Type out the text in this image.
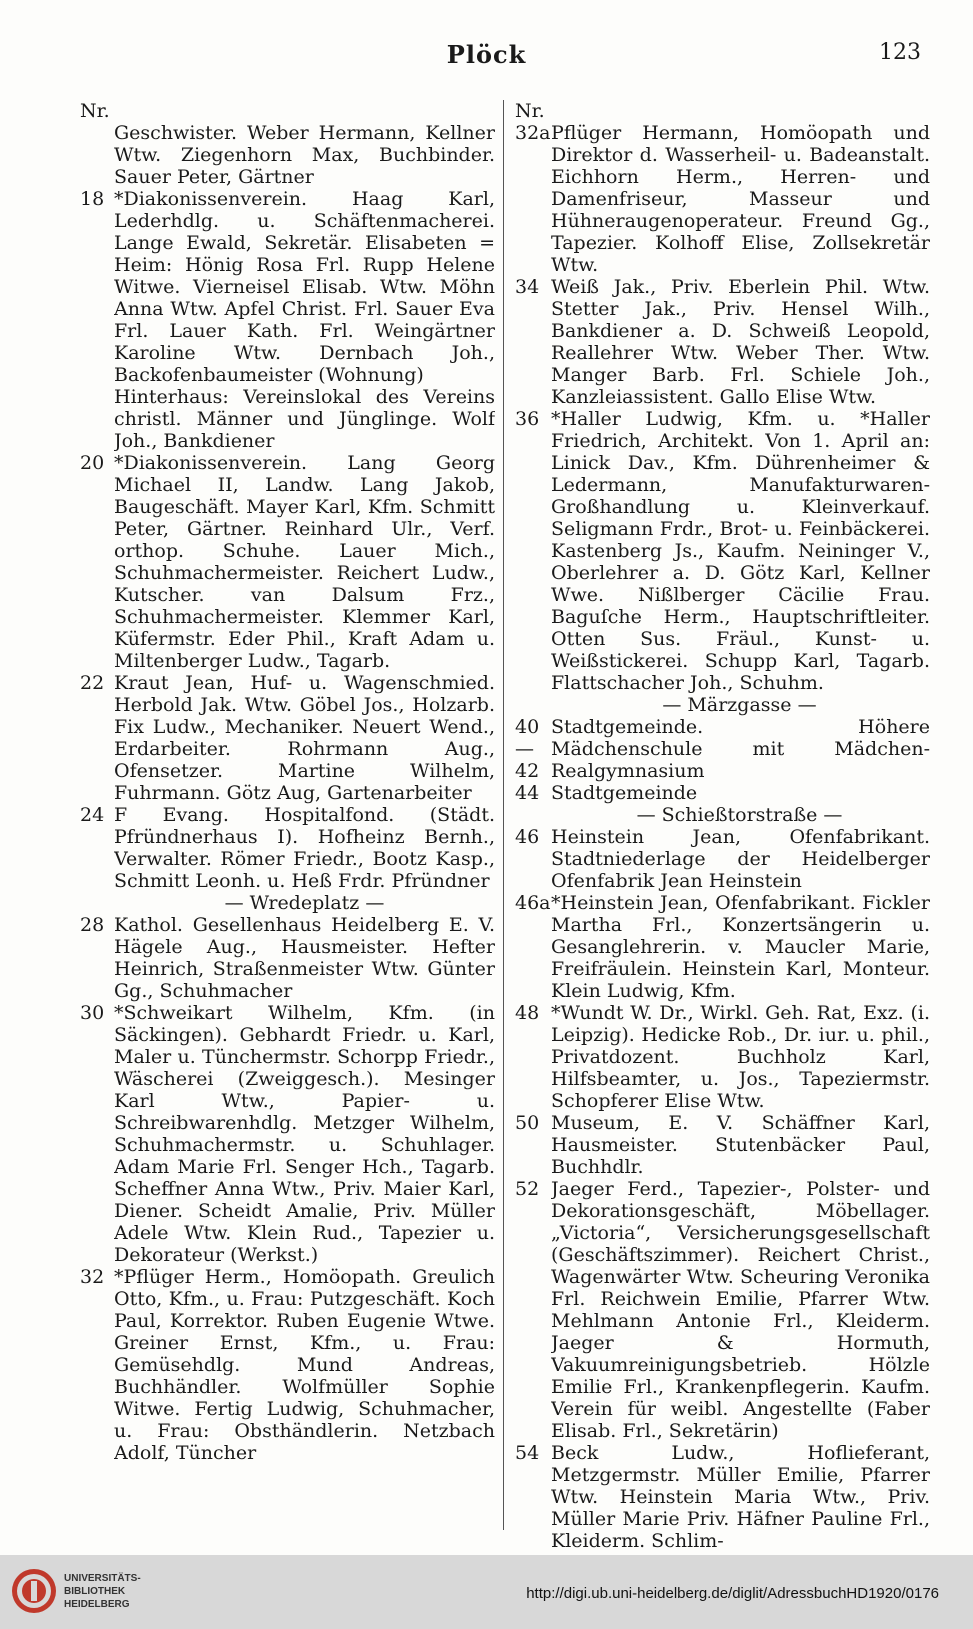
Plöck	123
Nr.
Geschwister. Weber Hermann, Kellner Wtw. Ziegenhorn Max, Buchbinder. Sauer Peter, Gärtner
18 *Diakonissenverein. Haag Karl, Lederhdlg. u. Schäftenmacherei. Lange Ewald, Sekretär. Elisabeten = Heim: Hönig Rosa Frl. Rupp Helene Witwe. Vierneisel Elisab. Wtw. Möhn Anna Wtw. Apfel Christ. Frl. Sauer Eva Frl. Lauer Kath. Frl. Weingärtner Karoline Wtw. Dernbach Joh., Backofenbaumeister (Wohnung)
Hinterhaus: Vereinslokal des Vereins christl. Männer und Jünglinge. Wolf Joh., Bankdiener
20 *Diakonissenverein. Lang Georg Michael II, Landw. Lang Jakob, Baugeschäft. Mayer Karl, Kfm. Schmitt Peter, Gärtner. Reinhard Ulr., Verf. orthop. Schuhe. Lauer Mich., Schuhmachermeister. Reichert Ludw., Kutscher. van Dalsum Frz., Schuhmachermeister. Klemmer Karl, Küfermstr. Eder Phil., Kraft Adam u. Miltenberger Ludw., Tagarb.
22 Kraut Jean, Huf- u. Wagenschmied. Herbold Jak. Wtw. Göbel Jos., Holzarb. Fix Ludw., Mechaniker. Neuert Wend., Erdarbeiter. Rohrmann Aug., Ofensetzer. Martine Wilhelm, Fuhrmann. Götz Aug, Gartenarbeiter
24 F Evang. Hospitalfond. (Städt. Pfründnerhaus I). Hofheinz Bernh., Verwalter. Römer Friedr., Bootz Kasp., Schmitt Leonh. u. Heß Frdr. Pfründner
— Wredeplatz —
28 Kathol. Gesellenhaus Heidelberg E. V. Hägele Aug., Hausmeister. Hefter Heinrich, Straßenmeister Wtw. Günter Gg., Schuhmacher
30 *Schweikart Wilhelm, Kfm. (in Säckingen). Gebhardt Friedr. u. Karl, Maler u. Tünchermstr. Schorpp Friedr., Wäscherei (Zweiggesch.). Mesinger Karl Wtw., Papier- u. Schreibwarenhdlg. Metzger Wilhelm, Schuhmachermstr. u. Schuhlager. Adam Marie Frl. Senger Hch., Tagarb. Scheffner Anna Wtw., Priv. Maier Karl, Diener. Scheidt Amalie, Priv. Müller Adele Wtw. Klein Rud., Tapezier u. Dekorateur (Werkst.)
32 *Pflüger Herm., Homöopath. Greulich Otto, Kfm., u. Frau: Putzgeschäft. Koch Paul, Korrektor. Ruben Eugenie Wtwe. Greiner Ernst, Kfm., u. Frau: Gemüsehdlg. Mund Andreas, Buchhändler. Wolfmüller Sophie Witwe. Fertig Ludwig, Schuhmacher, u. Frau: Obsthändlerin. Netzbach Adolf, Tüncher
Nr.
32a Pflüger Hermann, Homöopath und Direktor d. Wasserheil- u. Badeanstalt. Eichhorn Herm., Herren- und Damenfriseur, Masseur und Hühneraugenoperateur. Freund Gg., Tapezier. Kolhoff Elise, Zollsekretär Wtw.
34 Weiß Jak., Priv. Eberlein Phil. Wtw. Stetter Jak., Priv. Hensel Wilh., Bankdiener a. D. Schweiß Leopold, Reallehrer Wtw. Weber Ther. Wtw. Manger Barb. Frl. Schiele Joh., Kanzleiassistent. Gallo Elise Wtw.
36 *Haller Ludwig, Kfm. u. *Haller Friedrich, Architekt. Von 1. April an: Linick Dav., Kfm. Dührenheimer & Ledermann, Manufakturwaren-Großhandlung u. Kleinverkauf. Seligmann Frdr., Brot- u. Feinbäckerei. Kastenberg Js., Kaufm. Neininger V., Oberlehrer a. D. Götz Karl, Kellner Wwe. Nißlberger Cäcilie Frau. Baguſche Herm., Hauptschriftleiter. Otten Sus. Fräul., Kunst- u. Weißstickerei. Schupp Karl, Tagarb. Flattschacher Joh., Schuhm.
— Märzgasse —
40—42
Stadtgemeinde. Höhere Mädchenschule mit Mädchen-Realgymnasium
44 Stadtgemeinde
— Schießtorstraße —
46 Heinstein Jean, Ofenfabrikant. Stadtniederlage der Heidelberger Ofenfabrik Jean Heinstein
46a *Heinstein Jean, Ofenfabrikant. Fickler Martha Frl., Konzertsängerin u. Gesanglehrerin. v. Maucler Marie, Freifräulein. Heinstein Karl, Monteur. Klein Ludwig, Kfm.
48 *Wundt W. Dr., Wirkl. Geh. Rat, Exz. (i. Leipzig). Hedicke Rob., Dr. iur. u. phil., Privatdozent. Buchholz Karl, Hilfsbeamter, u. Jos., Tapeziermstr. Schopferer Elise Wtw.
50 Museum, E. V. Schäffner Karl, Hausmeister. Stutenbäcker Paul, Buchhdlr.
52 Jaeger Ferd., Tapezier-, Polster- und Dekorationsgeschäft, Möbellager. „Victoria“, Versicherungsgesellschaft (Geschäftszimmer). Reichert Christ., Wagenwärter Wtw. Scheuring Veronika Frl. Reichwein Emilie, Pfarrer Wtw. Mehlmann Antonie Frl., Kleiderm. Jaeger & Hormuth, Vakuumreinigungsbetrieb. Hölzle Emilie Frl., Krankenpflegerin. Kaufm. Verein für weibl. Angestellte (Faber Elisab. Frl., Sekretärin)
54 Beck Ludw., Hoflieferant, Metzgermstr. Müller Emilie, Pfarrer Wtw. Heinstein Maria Wtw., Priv. Müller Marie Priv. Häfner Pauline Frl., Kleiderm. Schlim-
UNIVERSITÄTS-
BIBLIOTHEK
HEIDELBERG
http://digi.ub.uni-heidelberg.de/diglit/AdressbuchHD1920/0176
